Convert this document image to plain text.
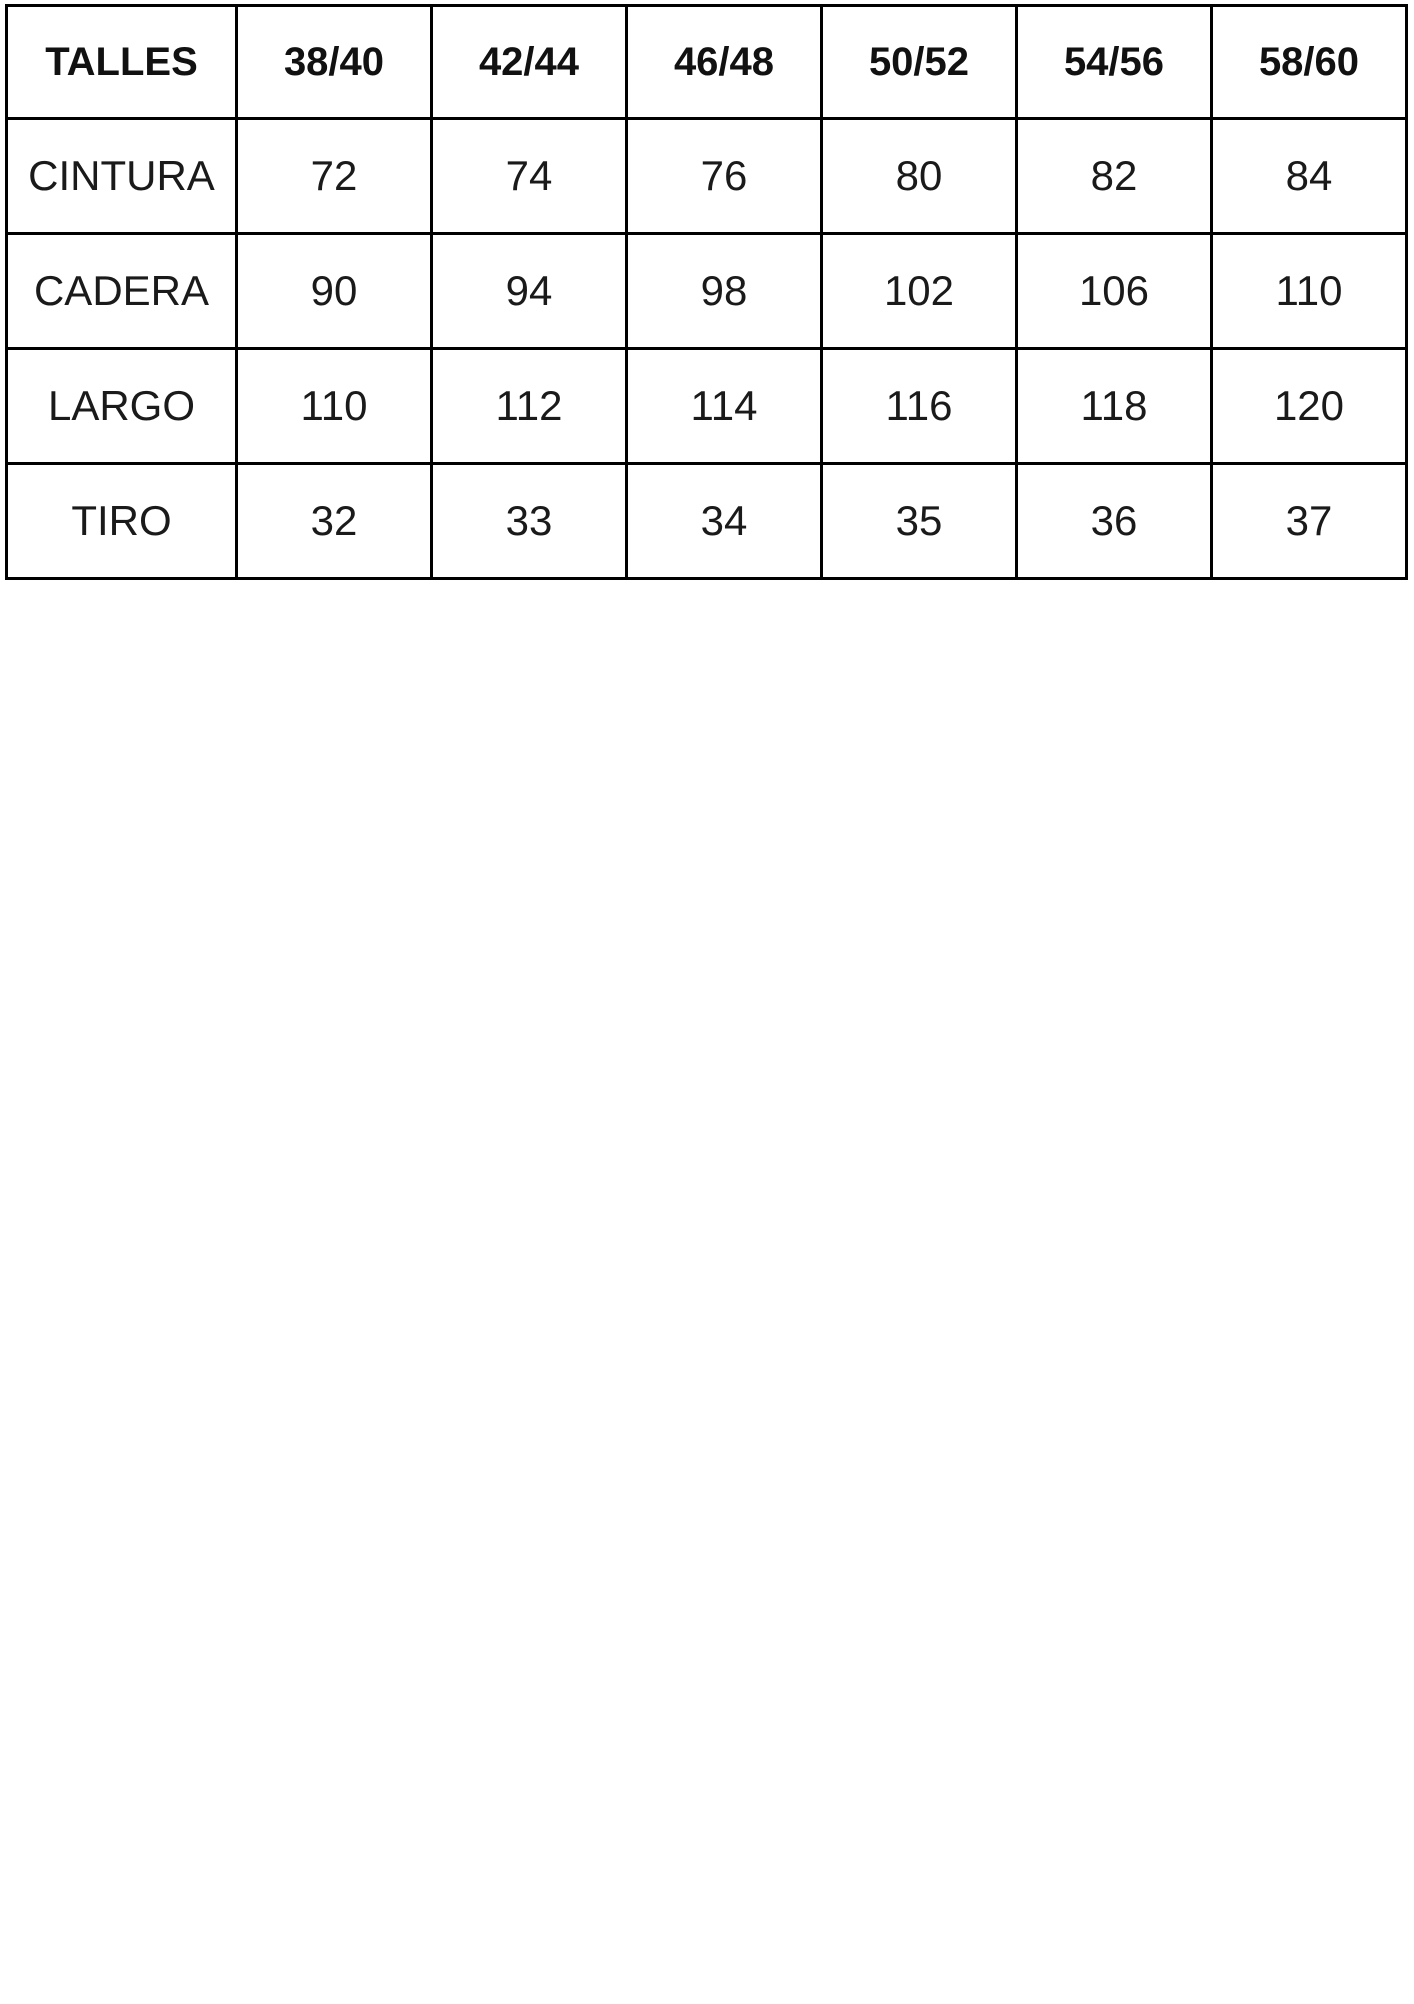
TALLES	38/40	42/44	46/48	50/52	54/56	58/60
CINTURA	72	74	76	80	82	84
CADERA	90	94	98	102	106	110
LARGO	110	112	114	116	118	120
TIRO	32	33	34	35	36	37
